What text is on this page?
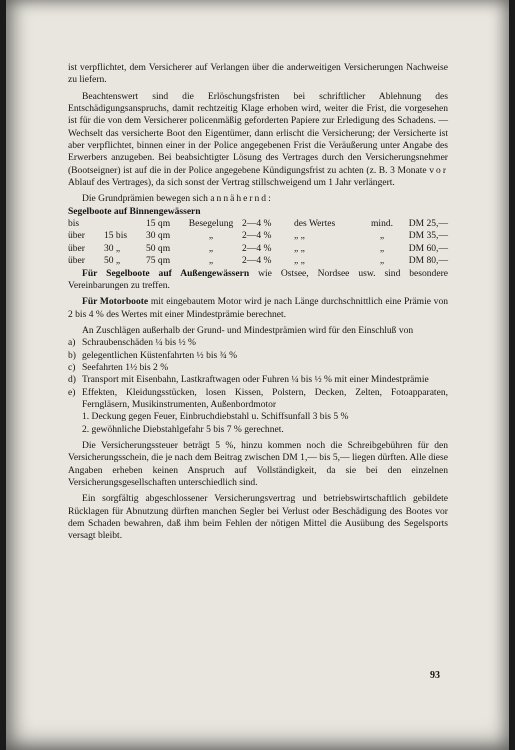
ist verpflichtet, dem Versicherer auf Verlangen über die anderweitigen Versicherungen Nachweise zu liefern.

Beachtenswert sind die Erlöschungsfristen bei schriftlicher Ablehnung des Entschädigungsanspruchs, damit rechtzeitig Klage erhoben wird, weiter die Frist, die vorgesehen ist für die von dem Versicherer policenmäßig geforderten Papiere zur Erledigung des Schadens. — Wechselt das versicherte Boot den Eigentümer, dann erlischt die Versicherung; der Versicherte ist aber verpflichtet, binnen einer in der Police angegebenen Frist die Veräußerung unter Angabe des Erwerbers anzugeben. Bei beabsichtigter Lösung des Vertrages durch den Versicherungsnehmer (Bootseigner) ist auf die in der Police angegebene Kündigungsfrist zu achten (z. B. 3 Monate vor Ablauf des Vertrages), da sich sonst der Vertrag stillschweigend um 1 Jahr verlängert.

Die Grundprämien bewegen sich annähernd:

Segelboote auf Binnengewässern

bis		15 qm	Besegelung	2—4 %	des Wertes	mind.	DM 25,—
über	15 bis	30 qm	„	2—4 %	„ „	„	DM 35,—
über	30 „	50 qm	„	2—4 %	„ „	„	DM 60,—
über	50 „	75 qm	„	2—4 %	„ „	„	DM 80,—

Für Segelboote auf Außengewässern wie Ostsee, Nordsee usw. sind besondere Vereinbarungen zu treffen.

Für Motorboote mit eingebautem Motor wird je nach Länge durchschnittlich eine Prämie von 2 bis 4 % des Wertes mit einer Mindestprämie berechnet.

An Zuschlägen außerhalb der Grund- und Mindestprämien wird für den Einschluß von

a) Schraubenschäden ¼ bis ½ %
b) gelegentlichen Küstenfahrten ½ bis ¾ %
c) Seefahrten 1½ bis 2 %
d) Transport mit Eisenbahn, Lastkraftwagen oder Fuhren ¼ bis ½ % mit einer Mindestprämie
e) Effekten, Kleidungsstücken, losen Kissen, Polstern, Decken, Zelten, Fotoapparaten, Ferngläsern, Musikinstrumenten, Außenbordmotor

1. Deckung gegen Feuer, Einbruchdiebstahl u. Schiffsunfall 3 bis 5 %

2. gewöhnliche Diebstahlgefahr 5 bis 7 % gerechnet.

Die Versicherungssteuer beträgt 5 %, hinzu kommen noch die Schreibgebühren für den Versicherungsschein, die je nach dem Beitrag zwischen DM 1,— bis 5,— liegen dürften. Alle diese Angaben erheben keinen Anspruch auf Vollständigkeit, da sie bei den einzelnen Versicherungsgesellschaften unterschiedlich sind.

Ein sorgfältig abgeschlossener Versicherungsvertrag und betriebswirtschaftlich gebildete Rücklagen für Abnutzung dürften manchen Segler bei Verlust oder Beschädigung des Bootes vor dem Schaden bewahren, daß ihm beim Fehlen der nötigen Mittel die Ausübung des Segelsports versagt bleibt.

93
